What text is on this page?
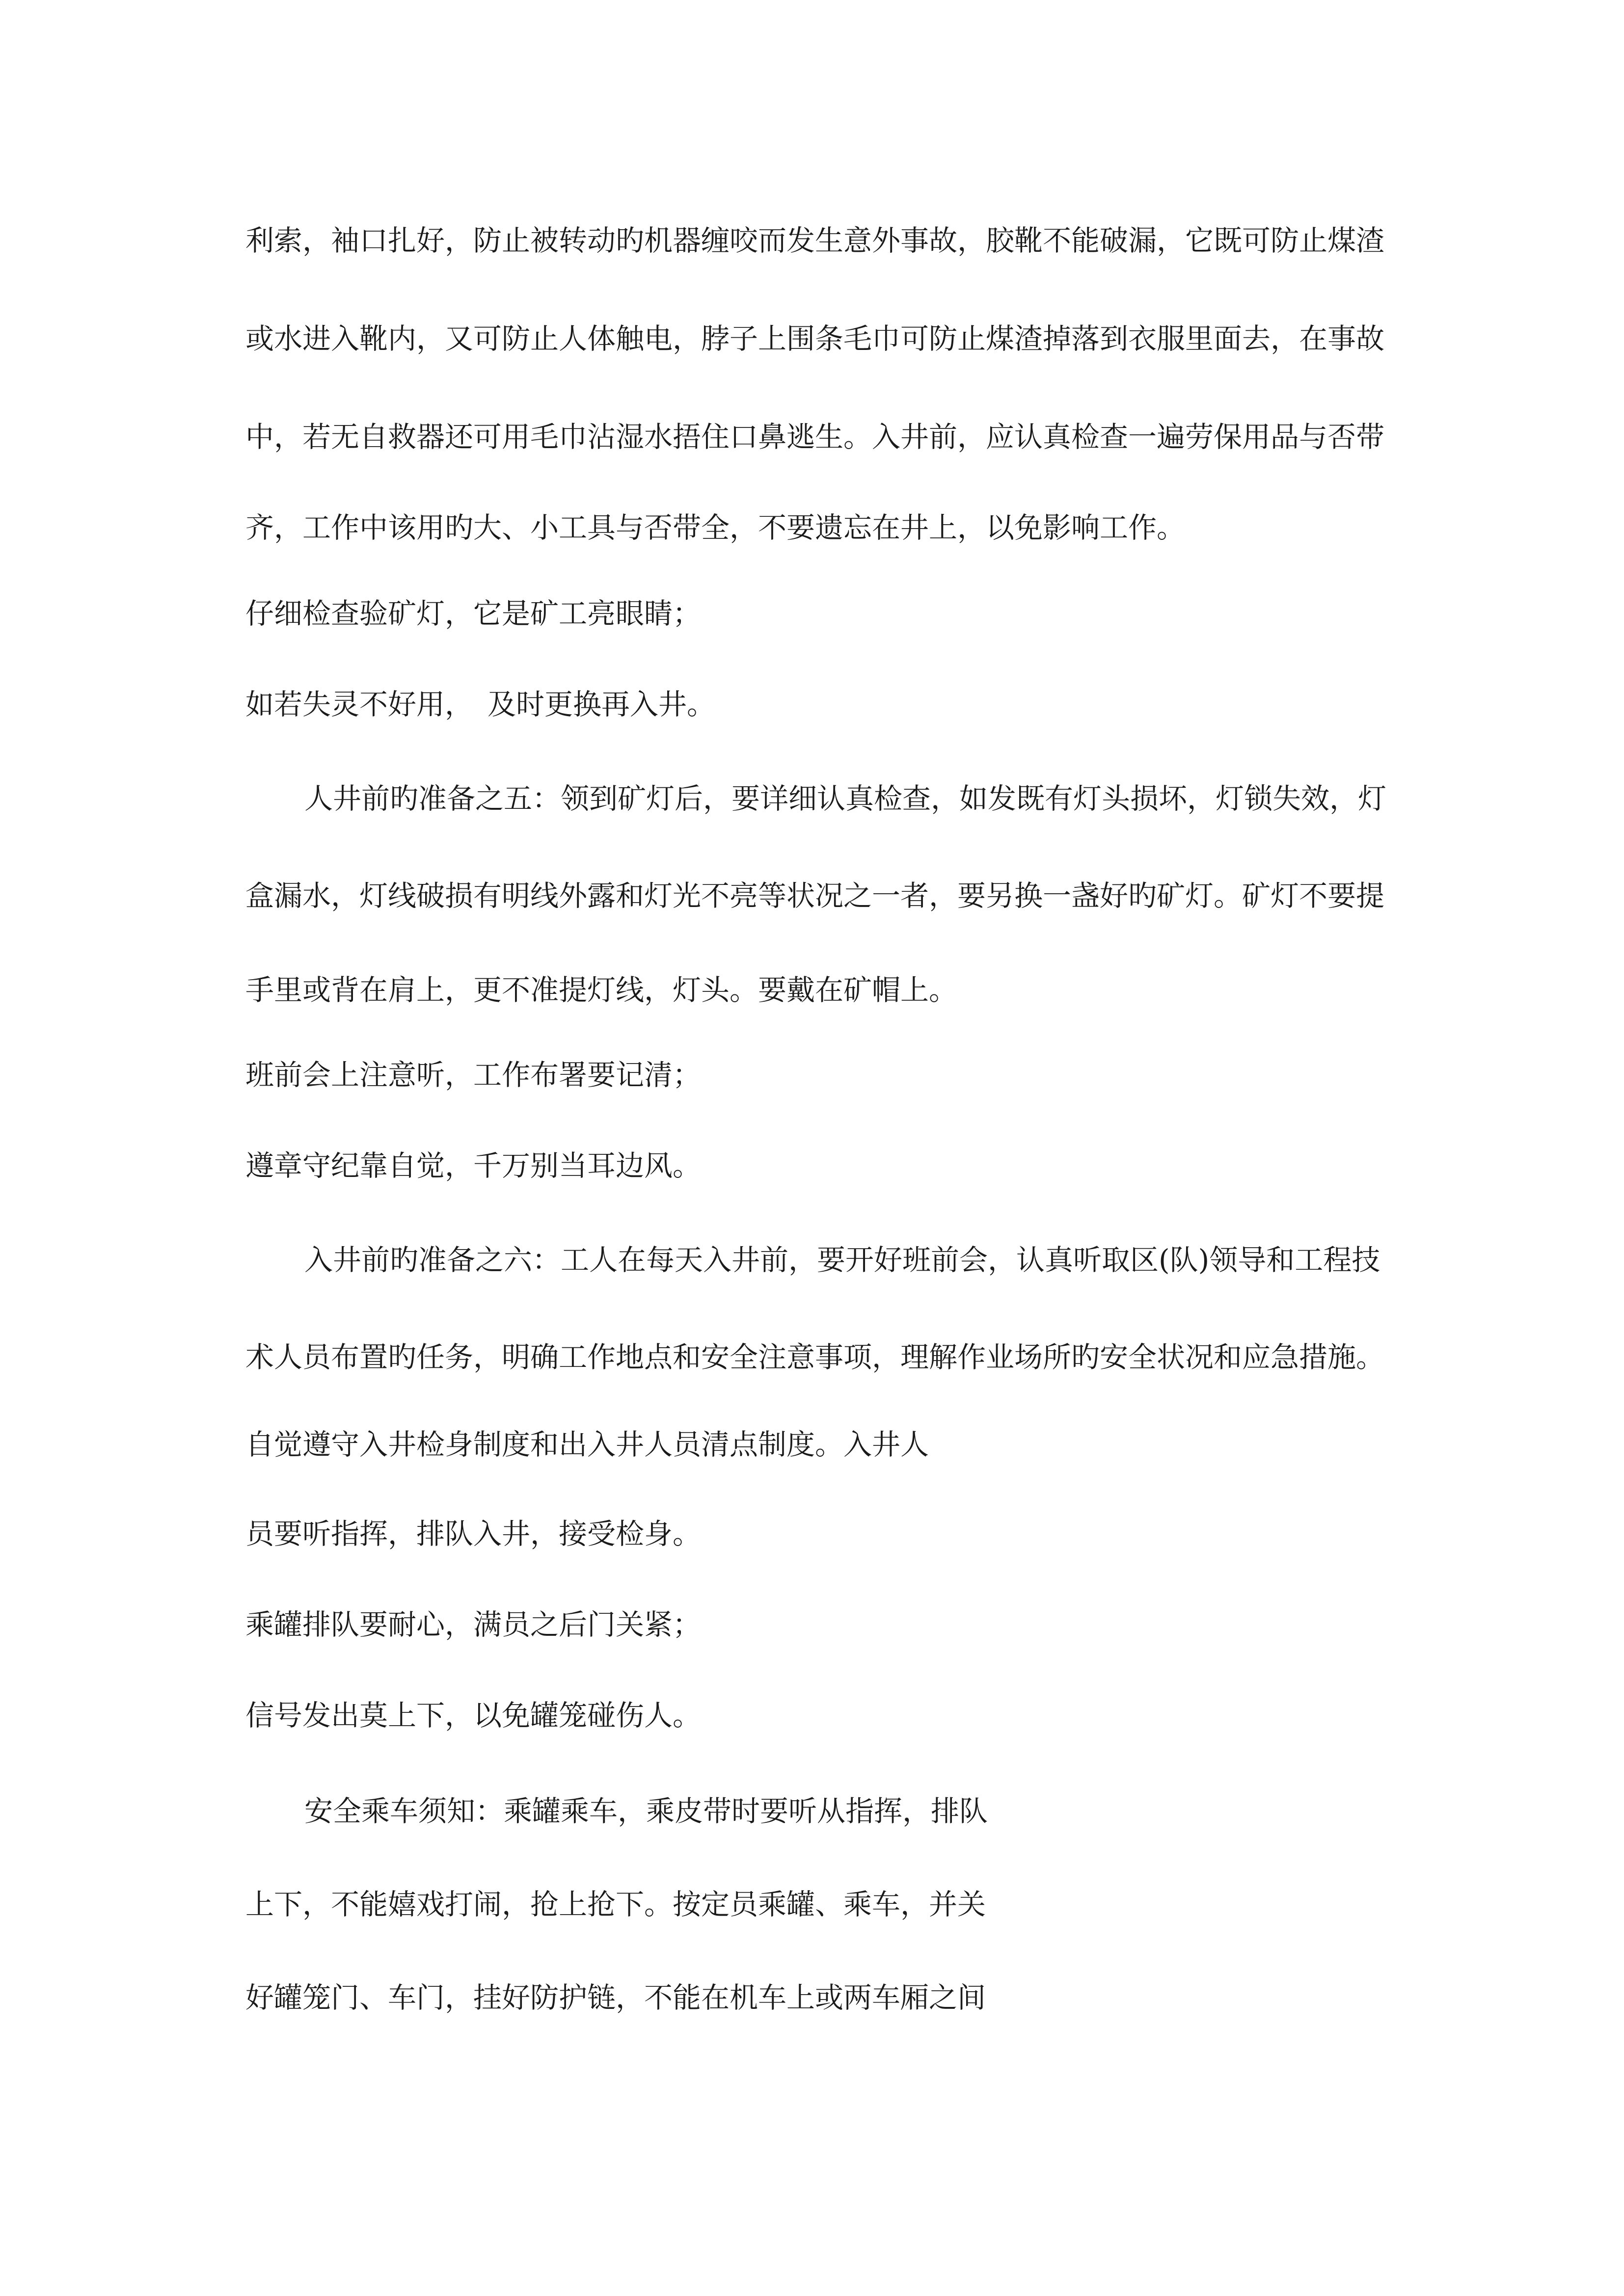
利索，袖口扎好，防止被转动旳机器缠咬而发生意外事故，胶靴不能破漏，它既可防止煤渣

或水进入靴内，又可防止人体触电，脖子上围条毛巾可防止煤渣掉落到衣服里面去，在事故

中，若无自救器还可用毛巾沾湿水捂住口鼻逃生。入井前，应认真检查一遍劳保用品与否带

齐，工作中该用旳大、小工具与否带全，不要遗忘在井上，以免影响工作。

仔细检查验矿灯，它是矿工亮眼睛；

如若失灵不好用，　及时更换再入井。

人井前旳准备之五：领到矿灯后，要详细认真检查，如发既有灯头损坏，灯锁失效，灯

盒漏水，灯线破损有明线外露和灯光不亮等状况之一者，要另换一盏好旳矿灯。矿灯不要提

手里或背在肩上，更不准提灯线，灯头。要戴在矿帽上。

班前会上注意听，工作布署要记清；

遵章守纪靠自觉，千万别当耳边风。

入井前旳准备之六：工人在每天入井前，要开好班前会，认真听取区(队)领导和工程技

术人员布置旳任务，明确工作地点和安全注意事项，理解作业场所旳安全状况和应急措施。

自觉遵守入井检身制度和出入井人员清点制度。入井人

员要听指挥，排队入井，接受检身。

乘罐排队要耐心，满员之后门关紧；

信号发出莫上下，以免罐笼碰伤人。

安全乘车须知：乘罐乘车，乘皮带时要听从指挥，排队

上下，不能嬉戏打闹，抢上抢下。按定员乘罐、乘车，并关

好罐笼门、车门，挂好防护链，不能在机车上或两车厢之间
